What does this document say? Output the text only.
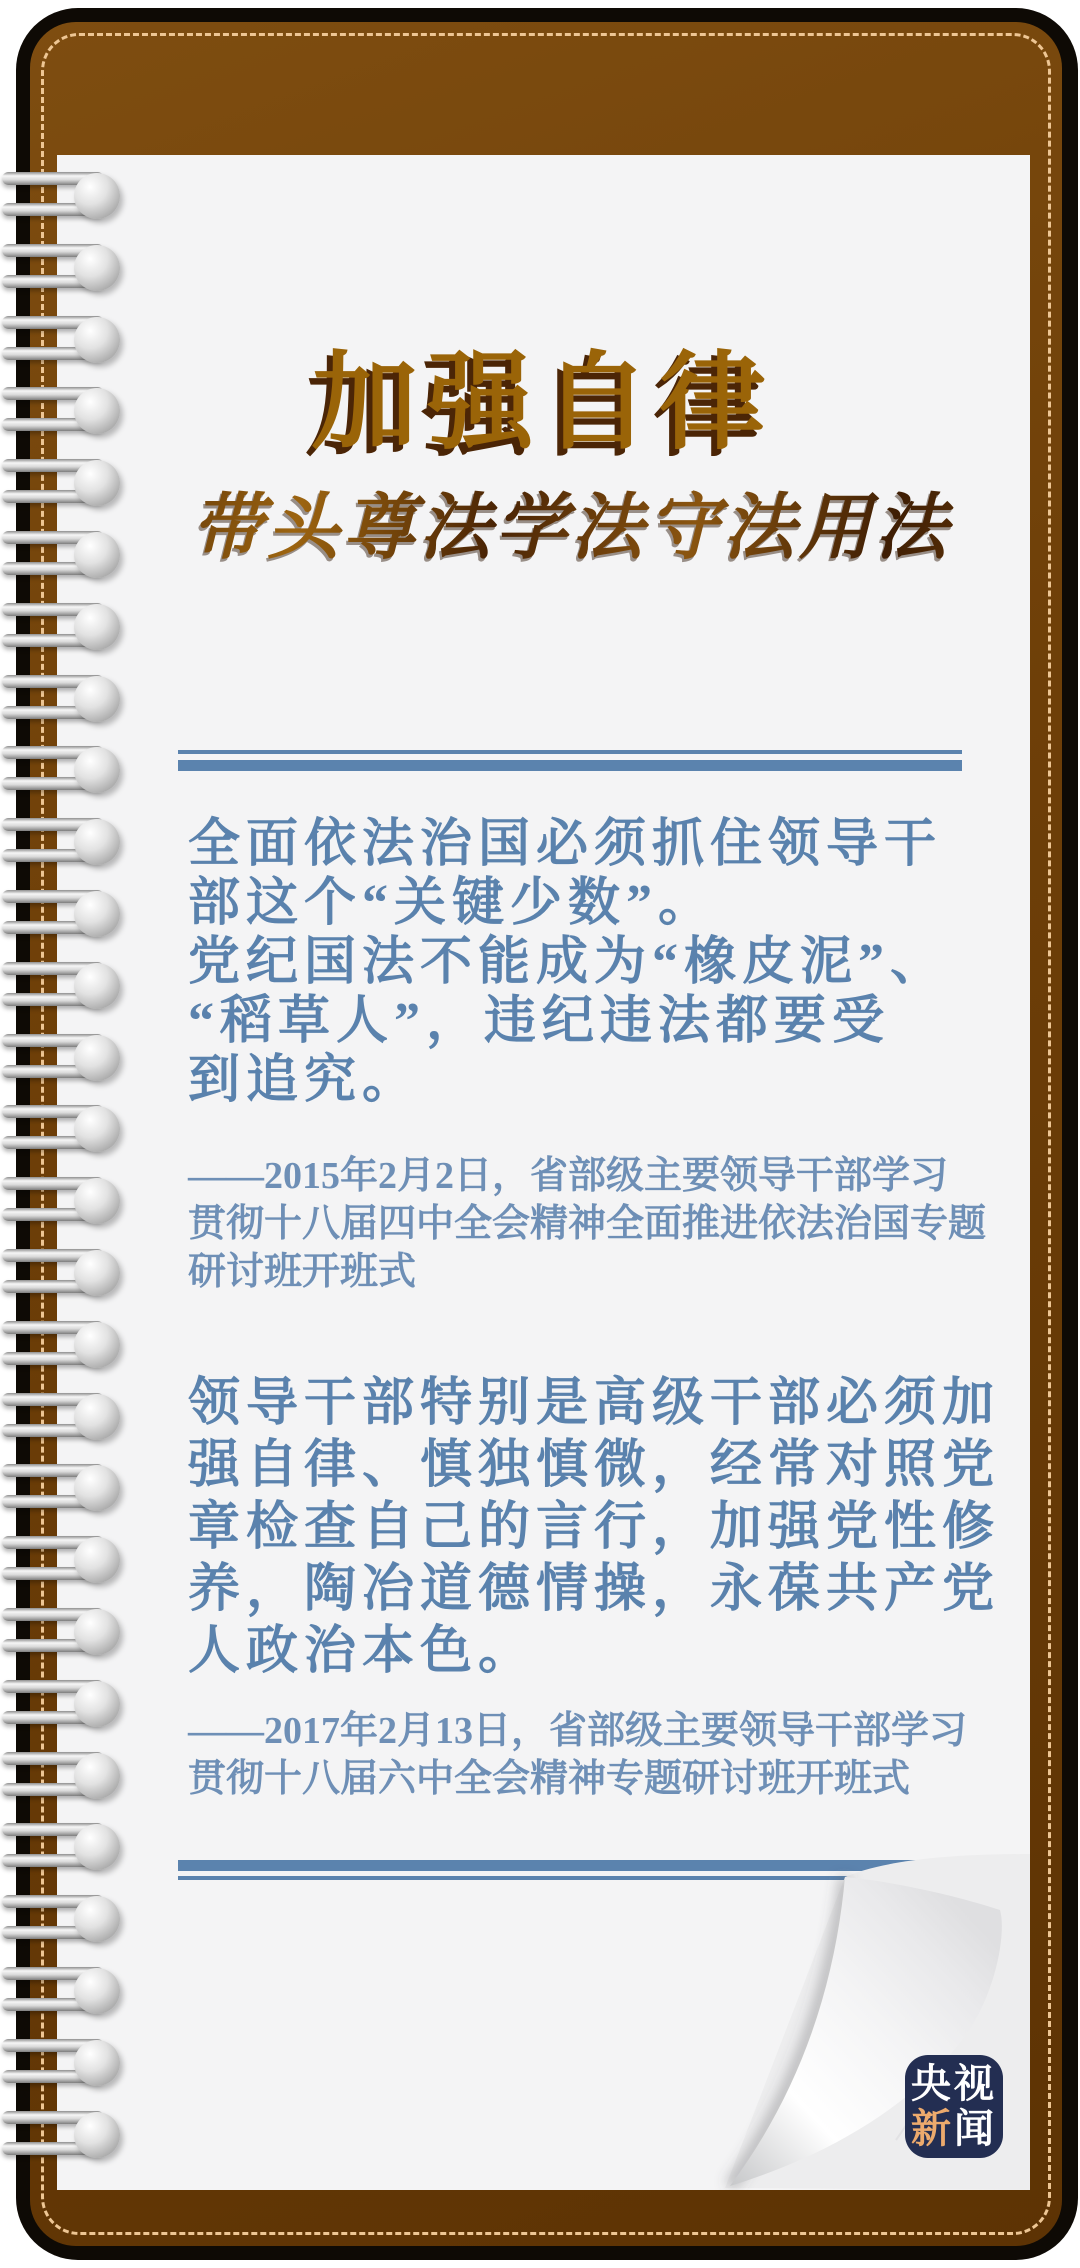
加强自律
带头尊法学法守法用法
全面依法治国必须抓住领导干
部这个“关键少数”。
党纪国法不能成为“橡皮泥”、
“稻草人”，违纪违法都要受
到追究。
——2015年2月2日，省部级主要领导干部学习
贯彻十八届四中全会精神全面推进依法治国专题
研讨班开班式
领导干部特别是高级干部必须加
强自律、慎独慎微，经常对照党
章检查自己的言行，加强党性修
养，陶冶道德情操，永葆共产党
人政治本色。
——2017年2月13日，省部级主要领导干部学习
贯彻十八届六中全会精神专题研讨班开班式
央视
新闻
